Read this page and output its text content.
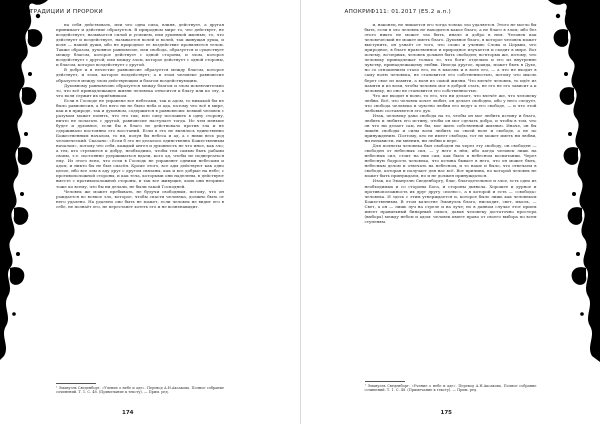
ТРАДИЦИИ И ПРОРОКИ

на себя действовать, или что одна сила, влияя, действует, а другая принимает и действие образуется. В природном мире то, что действует, не воздействует, называется силой и усилием, или душевной жизнью; то, что действует и воздействует, называется волей и волей, так живущая душа, и воля — нашей души, ибо не природное ее воздействие проявляется телом. Также образом, духовное равновесие, или свобода, образуется и существует между благом, которое действует с одной стороны, и злом, которое воздействует с другой; или между злом, которое действует с одной стороны, и благом, которое воздействует с другой.

В добре и в нечестие равновесие образуется между благом, которое действует, и злом, которое воздействует; а в злом человеке равновесие образуется между злом действующим и благом воздействующим.

Духовному равновесию образуется между благом и злом исключительно то, что всё принадлежащее жизни человека относится к благу или ко злу, а что воля служит их приёмником.

Если в Господе не управлял все небесами, так и адом, то никакой бы не было равновесия, а без него ни не было неба и ада, потому что всё в мире, как и в природе, так и духовном, содержится в равновесии: всякий человек с разумом может понять, что это так; всю силу пославить в одну сторону, ничто не полагать с другой, равновесие наступает тогда. Но чем меньше будет и духовное, если бы в благо не действовало против зла и не сдерживало постоянно его восстаний. Если в это не являлось единственно Божественным началом, то ни, полуя бы небеса и ад, а с ними весь род человеческий. Сказано: «Если б это не делалось единственно Божественным началом», потому что себя, каждый ангел и духовность не что иное, как зло; а тех, кто стремится к добру, необходимо, чтобы тем самым быть рабами своим, т.е. постоянно удерживаться вдали, кого ад, чтобы не подвергаться ему. Из этого ясно, что если в Господь не управляет одними небесами и адом, и никто бы не был спасён. Кроме этого, все ады действуют как одно целое, ибо все злы в аду друг с другом связаны, как и все добрые на небе; с противоположной стороны, и как тела, которыми они наделены, в действуют вместе с противоположной стороны, и так все живущие, коих они незримо тоже ко всему, что бы ни делали, не были такой Господней.

Человек же может пребывать, не будучи свободным, потому, что он рождается во всякое зло, которое, чтобы спасти человека, должно быть от него удалено. На удалено оно быть не может, если человек не видит его в себе, не познаёт его, не перестанет хотеть его и не возненавидит.

¹ Эмануэль Сведенборг. «Учение о небе и аде». Перевод А.Н.Аксакова. Полное собрание сочинений. Т. 1. С. 48. (Примечание к тексту). — Прим. ред.
174
АПОКРИФ111: 01.2017 (Е5.2 а.п.)

и, наконец, не лишается его тогда только зло удаляется. Этого не могло бы быть, если в зло человек не находится какое благо, а не благо в злом, ибо без этого никто не может зла быть, иначе и добро в нем. Человек как человеческий не может иметь благо. Духовное благо, в которое человек может выступить, он узнаёт от того, что слово и учению Слова и Церкви, что природное, в благе нравственное и природное изучается и сходит в мире. Вот почему, во-первых, человек должен быть свободен; во-вторых же, потому, что человеку принадлежат только то, что боги- отдельно и его из внутренне чувству, принадлежащему любви. Иногда другое, правда, может быть в Духе, но со отношением стало его, но в мыслях и в воле его, — а что не входит в саму волю человека, не становится его собственностью, потому что мысль берет свое из памяти, а воля из самой жизни. Что влечёт человек, то идёт из памяти и из воли, чтобы человек мог в доброй стать, не его не его зависит а к человеку, но оно не становится его собственностью.

Что же входит в волю, то его, что ни делает, что влечёт же, что человеку любви. Всё, что человек хочет любит, он делает свободно, ибо у него следует, что свобода человека и чувство любви его ведут к его свободе, — и что этой любовью составляется его дух.

Итак, человеку дана свобода на то, чтобы он мог любить истину и благо, любить и любить его истину, чтобы он мог сделать добро, и чтобы в том, что он что ни делает сам, не бы, мог жить собственной жизнью. Иначе, он бы лишён свободы и силы воли любить по своей воле и свободе, а не по принуждению. Поэтому, кто не имеет свободы, тот не может иметь ни любви, ни ненависти, ни мнения, ни любви к вере.

Для полноты человека был свободен на через эту свободу, он свободен — свободен от небесных сил, — у него в нём, ибо когда человек лишь на небесных сил, стоит на них сам, как было в небесном воспитании. Через небесную бодрость человека, что истина бывает в него, что он может быть, небесным делом и отвечать на небесном, и то наше и было, что отвечаем в свободе, которая и получает для нас всё. Вот причина, по которой человек не может быть принуждаем, но и не должен принуждаться.

Итак, по Эмануэлю Сведенборгу, благ, благодетельное и злое, есть одно из необходимых и со стороны Бога, и стороны дьявола. Хорошее и дурное и противоположность их друг другу «полюс», а в которой и есть — «свобода» человека. И здесь с этим утверждается и, которое было лишь как человеком Божественным. В этом качестве Эмануэль благо, нисходит, свет, мысль, — Свет, а он — лишь луч на стреле и на луче; но в данном случае этот прием имеет правильный бинарный смысл, давая человеку достаточно простора (выбора) между небом и адом: человек имеет право от своего выбора по всем ступеням.

¹ Эмануэль Сведенборг. «Учение о небе и аде». Перевод А.Н.Аксакова. Полное собрание сочинений. Т. 1. С. 48. (Примечание к тексту). — Прим. ред.
175
